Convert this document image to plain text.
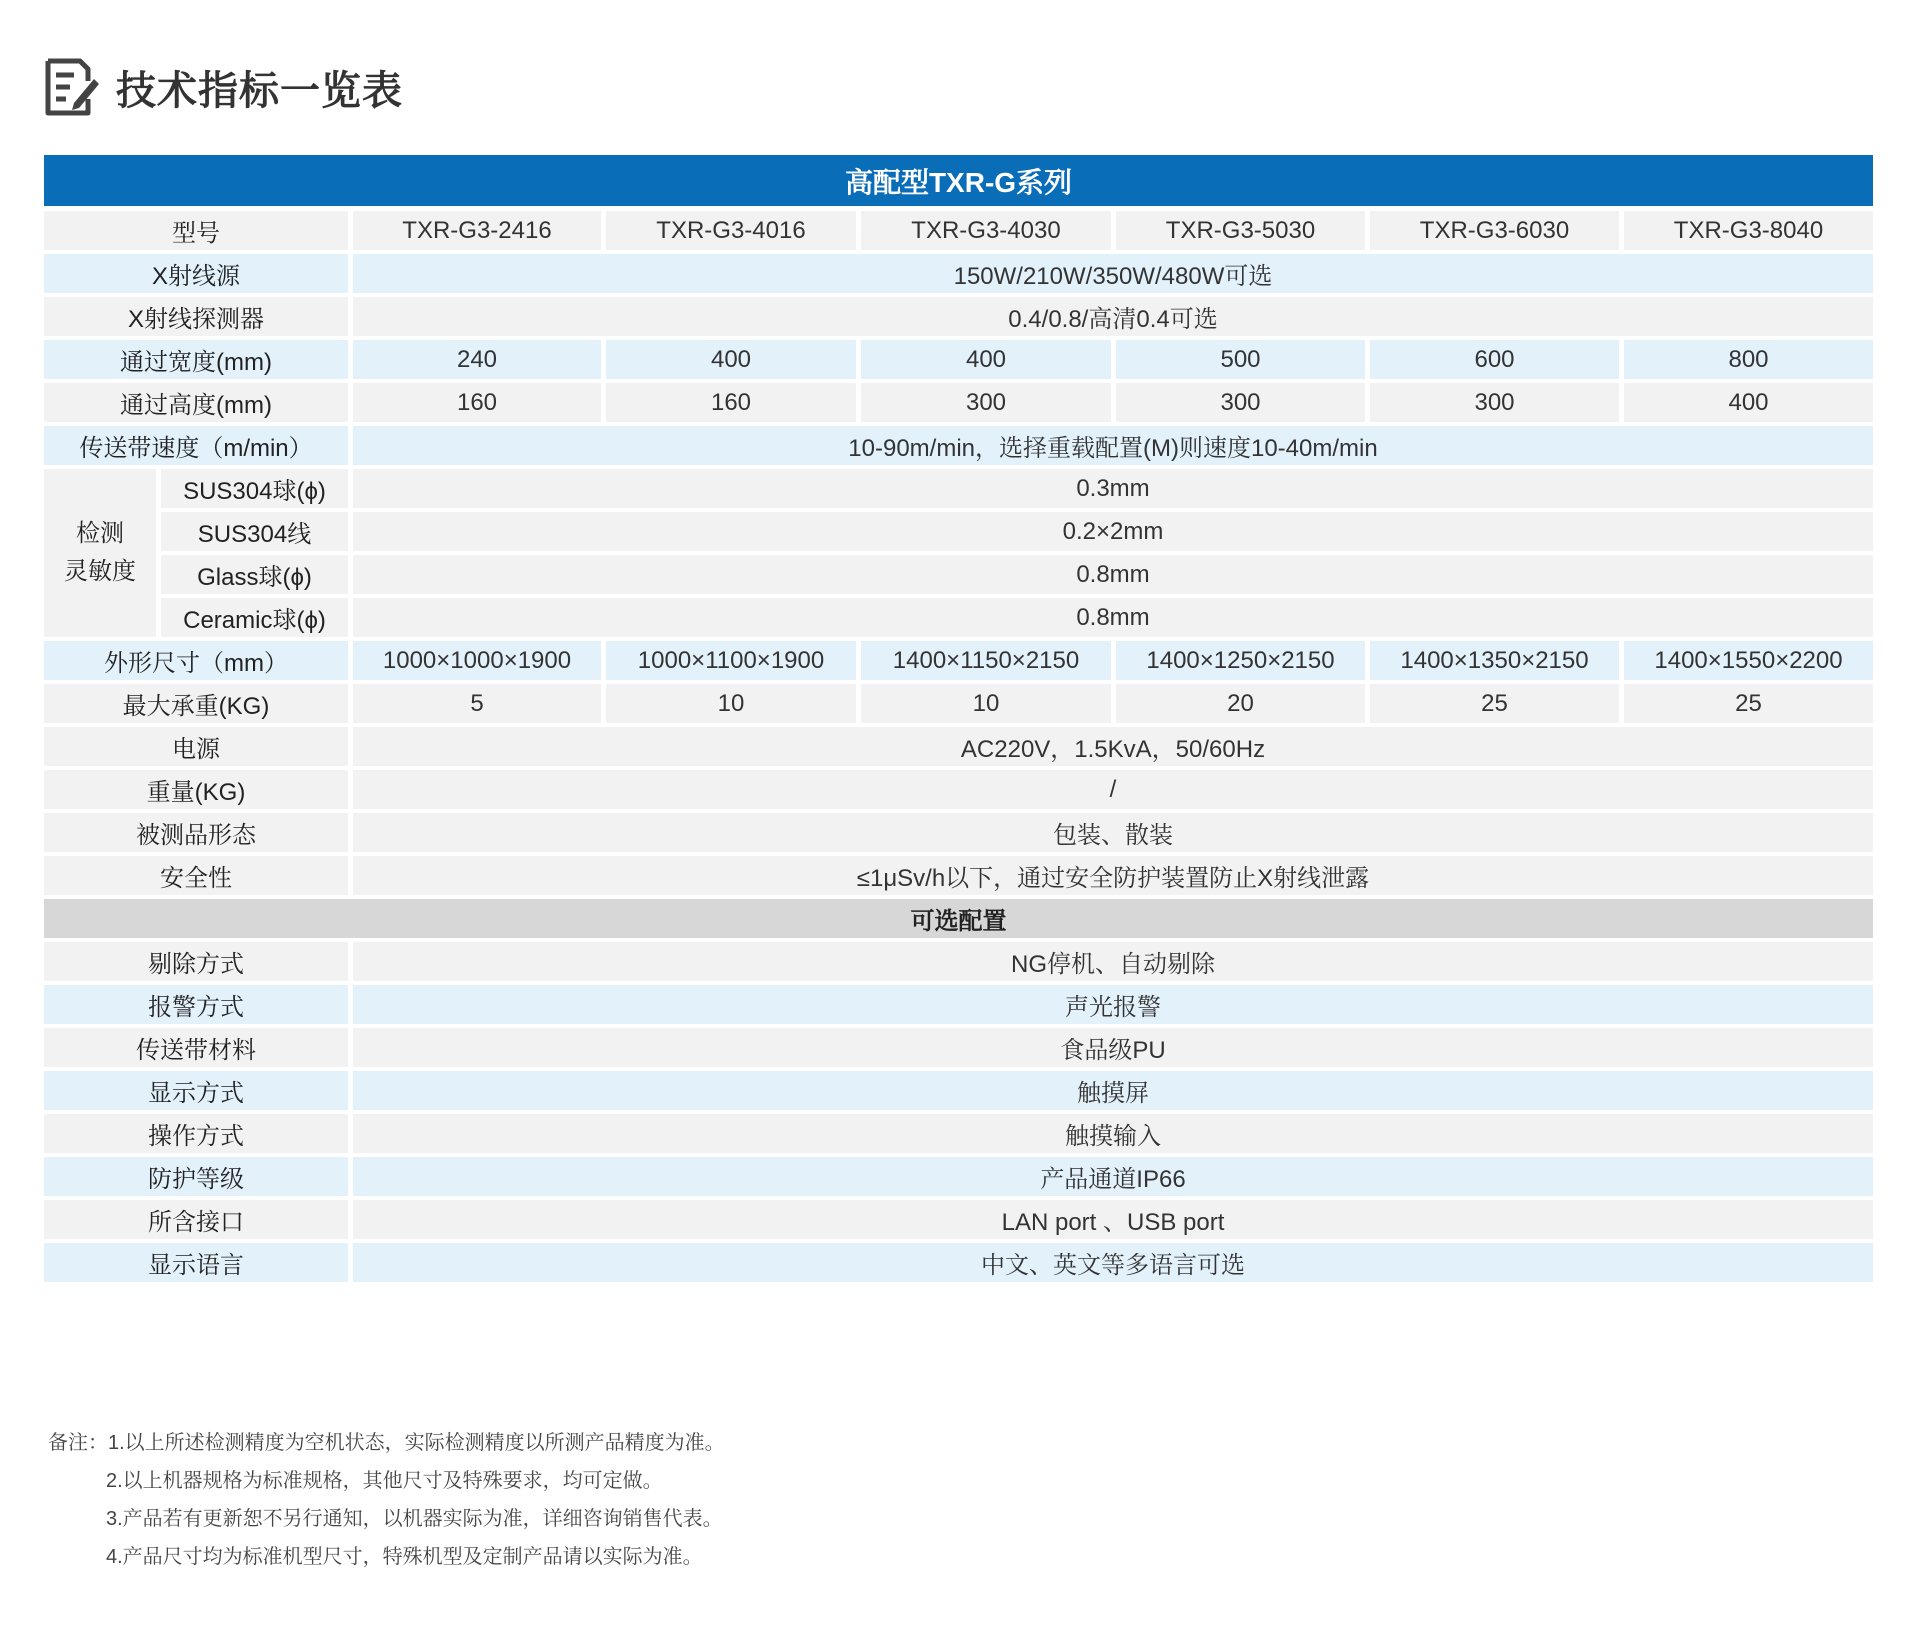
技术指标一览表
高配型TXR-G系列
型号		TXR-G3-2416	TXR-G3-4016	TXR-G3-4030	TXR-G3-5030	TXR-G3-6030	TXR-G3-8040
X射线源		150W/210W/350W/480W可选					
X射线探测器		0.4/0.8/高清0.4可选					
通过宽度(mm)		240	400	400	500	600	800
通过高度(mm)		160	160	300	300	300	400
传送带速度（m/min）		10-90m/min，选择重载配置(M)则速度10-40m/min					

检测
灵敏度	SUS304球(ϕ)	0.3mm					
	SUS304线	0.2×2mm					
	Glass球(ϕ)	0.8mm					
	Ceramic球(ϕ)	0.8mm					
外形尺寸（mm）		1000×1000×1900	1000×1100×1900	1400×1150×2150	1400×1250×2150	1400×1350×2150	1400×1550×2200
最大承重(KG)		5	10	10	20	25	25
电源		AC220V，1.5KvA，50/60Hz					
重量(KG)		/					
被测品形态		包装、散装					
安全性		≤1μSv/h以下，通过安全防护装置防止X射线泄露					
可选配置							
剔除方式		NG停机、自动剔除					
报警方式		声光报警					
传送带材料		食品级PU					
显示方式		触摸屏					
操作方式		触摸输入					
防护等级		产品通道IP66					
所含接口		LAN port 、USB port					
显示语言		中文、英文等多语言可选					
备注： 1.以上所述检测精度为空机状态，实际检测精度以所测产品精度为准。
2.以上机器规格为标准规格，其他尺寸及特殊要求，均可定做。
3.产品若有更新恕不另行通知，以机器实际为准，详细咨询销售代表。
4.产品尺寸均为标准机型尺寸，特殊机型及定制产品请以实际为准。
